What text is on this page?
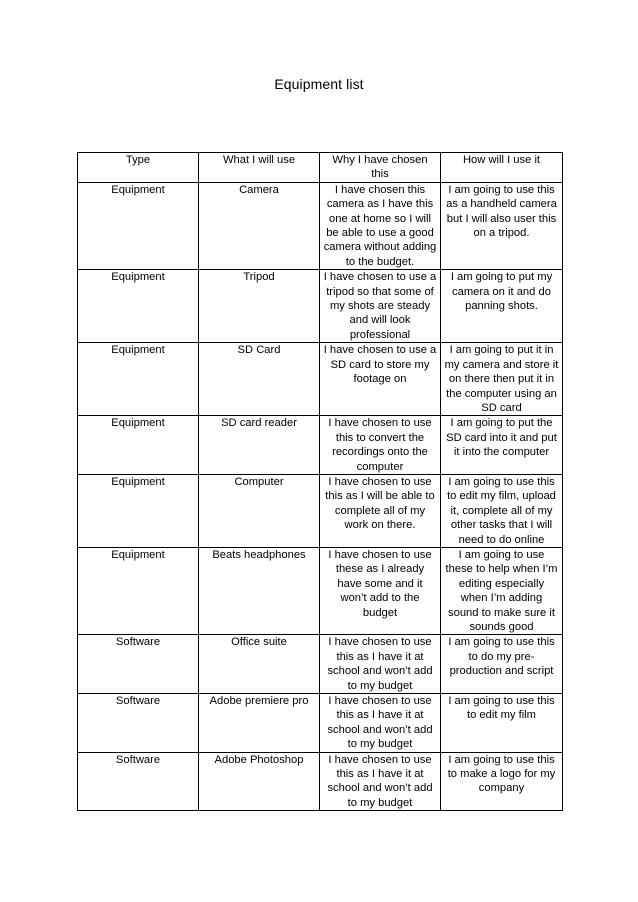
Equipment list
Type	What I will use	Why I have chosen this	How will I use it
Equipment	Camera	I have chosen this camera as I have this one at home so I will be able to use a good camera without adding to the budget.	I am going to use this as a handheld camera but I will also user this on a tripod.
Equipment	Tripod	I have chosen to use a tripod so that some of my shots are steady and will look professional	I am going to put my camera on it and do panning shots.
Equipment	SD Card	I have chosen to use a SD card to store my footage on	I am going to put it in my camera and store it on there then put it in the computer using an SD card
Equipment	SD card reader	I have chosen to use this to convert the recordings onto the computer	I am going to put the SD card into it and put it into the computer
Equipment	Computer	I have chosen to use this as I will be able to complete all of my work on there.	I am going to use this to edit my film, upload it, complete all of my other tasks that I will need to do online
Equipment	Beats headphones	I have chosen to use these as I already have some and it won’t add to the budget	I am going to use these to help when I’m editing especially when I’m adding sound to make sure it sounds good
Software	Office suite	I have chosen to use this as I have it at school and won’t add to my budget	I am going to use this to do my pre-production and script
Software	Adobe premiere pro	I have chosen to use this as I have it at school and won’t add to my budget	I am going to use this to edit my film
Software	Adobe Photoshop	I have chosen to use this as I have it at school and won’t add to my budget	I am going to use this to make a logo for my company
